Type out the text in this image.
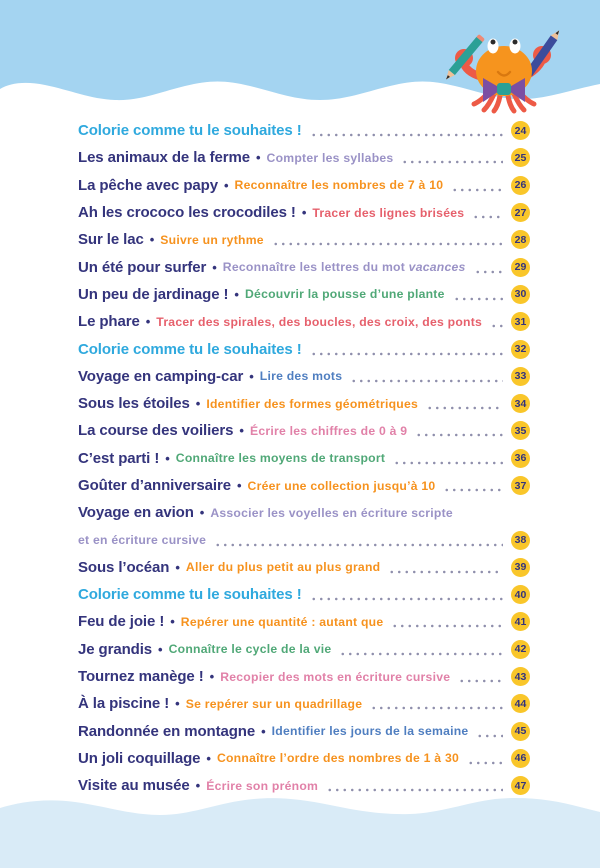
Colorie comme tu le souhaites !	24
Les animaux de la ferme • Compter les syllabes	25
La pêche avec papy • Reconnaître les nombres de 7 à 10	26
Ah les crococo les crocodiles ! • Tracer des lignes brisées	27
Sur le lac • Suivre un rythme	28
Un été pour surfer • Reconnaître les lettres du mot vacances	29
Un peu de jardinage ! • Découvrir la pousse d’une plante	30
Le phare • Tracer des spirales, des boucles, des croix, des ponts	31
Colorie comme tu le souhaites !	32
Voyage en camping-car • Lire des mots	33
Sous les étoiles • Identifier des formes géométriques	34
La course des voiliers • Écrire les chiffres de 0 à 9	35
C’est parti ! • Connaître les moyens de transport	36
Goûter d’anniversaire • Créer une collection jusqu’à 10	37
Voyage en avion • Associer les voyelles en écriture scripte
et en écriture cursive	38
Sous l’océan • Aller du plus petit au plus grand	39
Colorie comme tu le souhaites !	40
Feu de joie ! • Repérer une quantité : autant que	41
Je grandis • Connaître le cycle de la vie	42
Tournez manège ! • Recopier des mots en écriture cursive	43
À la piscine ! • Se repérer sur un quadrillage	44
Randonnée en montagne • Identifier les jours de la semaine	45
Un joli coquillage • Connaître l’ordre des nombres de 1 à 30	46
Visite au musée • Écrire son prénom	47
